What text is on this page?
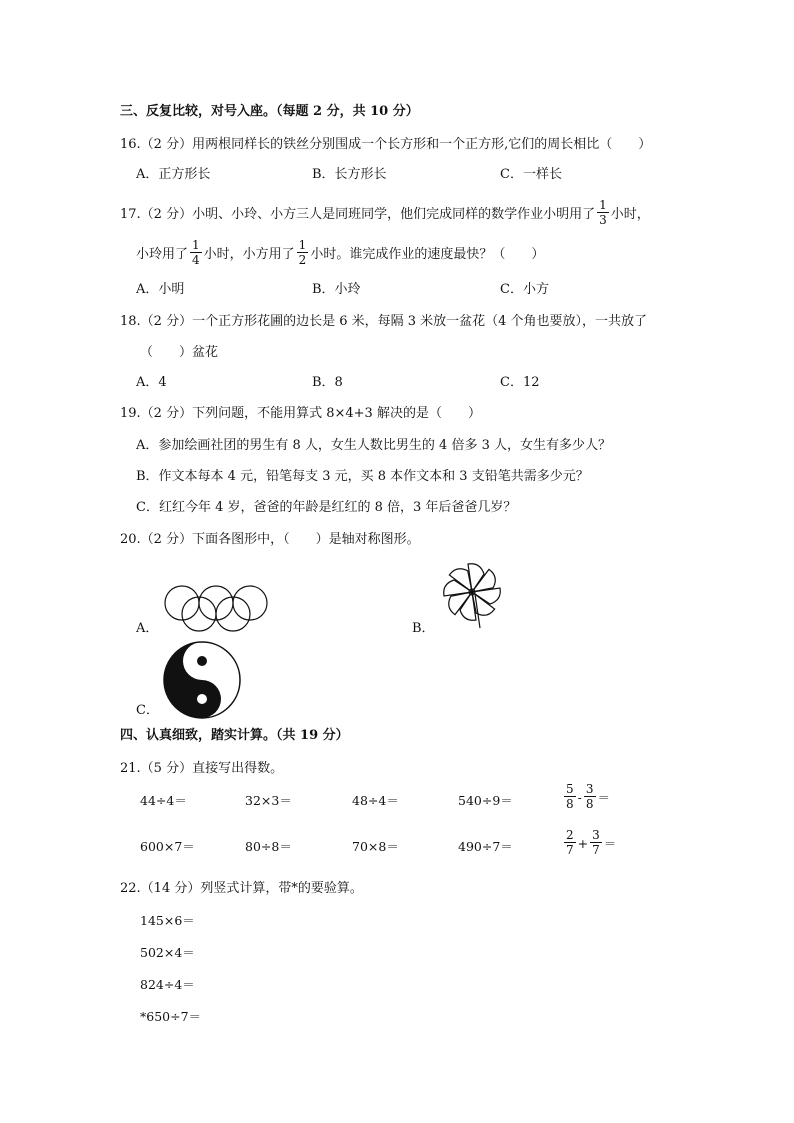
三、反复比较，对号入座。（每题 2 分，共 10 分）
16.（2 分）用两根同样长的铁丝分别围成一个长方形和一个正方形,它们的周长相比（　　）
A．正方形长	B．长方形长	C．一样长
17.（2 分）小明、小玲、小方三人是同班同学，他们完成同样的数学作业小明用了 $\frac{1}{3}$ 小时，
小玲用了 $\frac{1}{4}$ 小时，小方用了 $\frac{1}{2}$ 小时。谁完成作业的速度最快？（　　）
A．小明	B．小玲	C．小方
18.（2 分）一个正方形花圃的边长是 6 米，每隔 3 米放一盆花（4 个角也要放），一共放了
（　　）盆花
A．4	B．8	C．12
19.（2 分）下列问题，不能用算式 8×4+3 解决的是（　　）
A．参加绘画社团的男生有 8 人，女生人数比男生的 4 倍多 3 人，女生有多少人？
B．作文本每本 4 元，铅笔每支 3 元，买 8 本作文本和 3 支铅笔共需多少元？
C．红红今年 4 岁，爸爸的年龄是红红的 8 倍，3 年后爸爸几岁？
20.（2 分）下面各图形中，（　　）是轴对称图形。
A．	B．
C．
四、认真细致，踏实计算。（共 19 分）
21.（5 分）直接写出得数。
44÷4＝	32×3＝	48÷4＝	540÷9＝	$\frac{5}{8} - \frac{3}{8}$ ＝
600×7＝	80÷8＝	70×8＝	490÷7＝	$\frac{2}{7} + \frac{3}{7}$ ＝
22.（14 分）列竖式计算，带*的要验算。
145×6＝
502×4＝
824÷4＝
*650÷7＝
